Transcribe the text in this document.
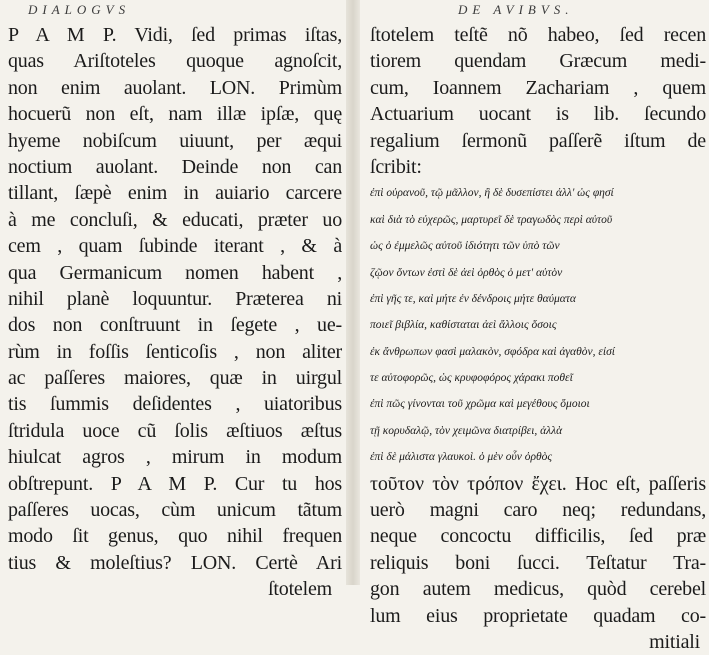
DIALOGVS
P A M P. Vidi, ſed primas iſtas,
quas Ariſtoteles quoque agnoſcit,
non enim auolant. LON. Primùm
hocuerũ non eſt, nam illæ ipſæ, quę
hyeme nobiſcum uiuunt, per æqui
noctium auolant. Deinde non can
tillant, ſæpè enim in auiario carcere
à me concluſi, & educati, præter uo
cem , quam ſubinde iterant , & à
qua Germanicum nomen habent ,
nihil planè loquuntur. Præterea ni
dos non conſtruunt in ſegete , ue-
rùm in foſſis ſenticoſis , non aliter
ac paſſeres maiores, quæ in uirgul
tis ſummis deſidentes , uiatoribus
ſtridula uoce cũ ſolis æſtiuos æſtus
hiulcat agros , mirum in modum
obſtrepunt. P A M P. Cur tu hos
paſſeres uocas, cùm unicum tãtum
modo ſit genus, quo nihil frequen
tius & moleſtius? LON. Certè Ari
ſtotelem
DE AVIBVS.
ſtotelem teſtẽ nõ habeo, ſed recen
tiorem quendam Græcum medi-
cum, Ioannem Zachariam , quem
Actuarium uocant is lib. ſecundo
regalium ſermonũ paſſerẽ iſtum de
ſcribit:
ἐπὶ οὐρανοῦ, τῷ μᾶλλον, ἢ δὲ δυσεπίστει ἀλλ' ὡς φησί
καὶ διὰ τὸ εὐχερῶς, μαρτυρεῖ δὲ τραγωδὸς περὶ αὐτοῦ
ὡς ὁ ἐμμελῶς αὐτοῦ ἰδιότητι τῶν ὑπὸ τῶν
ζῷον ὄντων ἐστὶ δὲ ἀεὶ ὀρθὸς ὁ μετ' αὐτὸν
ἐπὶ γῆς τε, καὶ μήτε ἐν δένδροις μήτε θαύματα
ποιεῖ βιβλία, καθίσταται ἀεὶ ἄλλοις ὅσοις
ἐκ ἄνθρωπων φασὶ μαλακὸν, σφόδρα καὶ ἀγαθὸν, εἰσί
τε αὐτοφορῶς, ὡς κρυφοφόρος χάρακι ποθεῖ
ἐπὶ πῶς γίνονται τοῦ χρῶμα καὶ μεγέθους ὅμοιοι
τῇ κορυδαλῷ, τὸν χειμῶνα διατρίβει, ἀλλὰ
ἐπὶ δὲ μάλιστα γλαυκοὶ. ὁ μὲν οὖν ὀρθὸς
τοῦτον τὸν τρόπον ἔχει. Hoc eſt, paſſeris
uerò magni caro neq; redundans,
neque concoctu difficilis, ſed præ
reliquis boni ſucci. Teſtatur Tra-
gon autem medicus, quòd cerebel
lum eius proprietate quadam co-
mitiali
